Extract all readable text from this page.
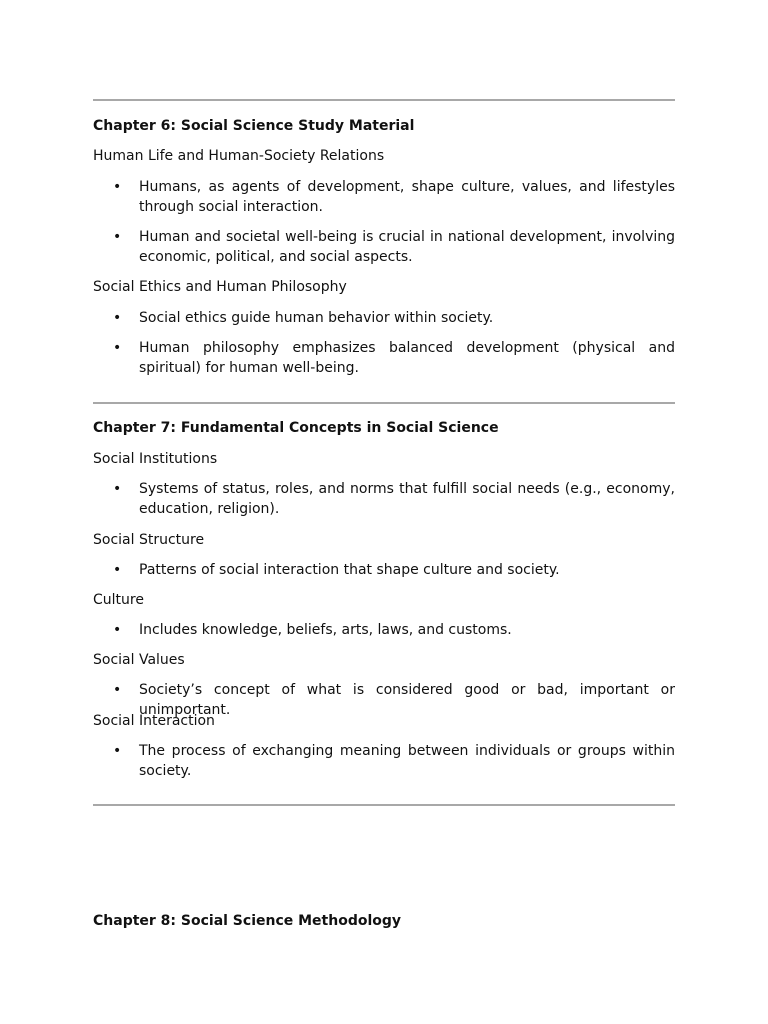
Chapter 6: Social Science Study Material
Human Life and Human-Society Relations
• Humans, as agents of development, shape culture, values, and lifestyles through social interaction.
• Human and societal well-being is crucial in national development, involving economic, political, and social aspects.
Social Ethics and Human Philosophy
• Social ethics guide human behavior within society.
• Human philosophy emphasizes balanced development (physical and spiritual) for human well-being.
Chapter 7: Fundamental Concepts in Social Science
Social Institutions
• Systems of status, roles, and norms that fulfill social needs (e.g., economy, education, religion).
Social Structure
• Patterns of social interaction that shape culture and society.
Culture
• Includes knowledge, beliefs, arts, laws, and customs.
Social Values
• Society’s concept of what is considered good or bad, important or unimportant.
Social Interaction
• The process of exchanging meaning between individuals or groups within society.
Chapter 8: Social Science Methodology
